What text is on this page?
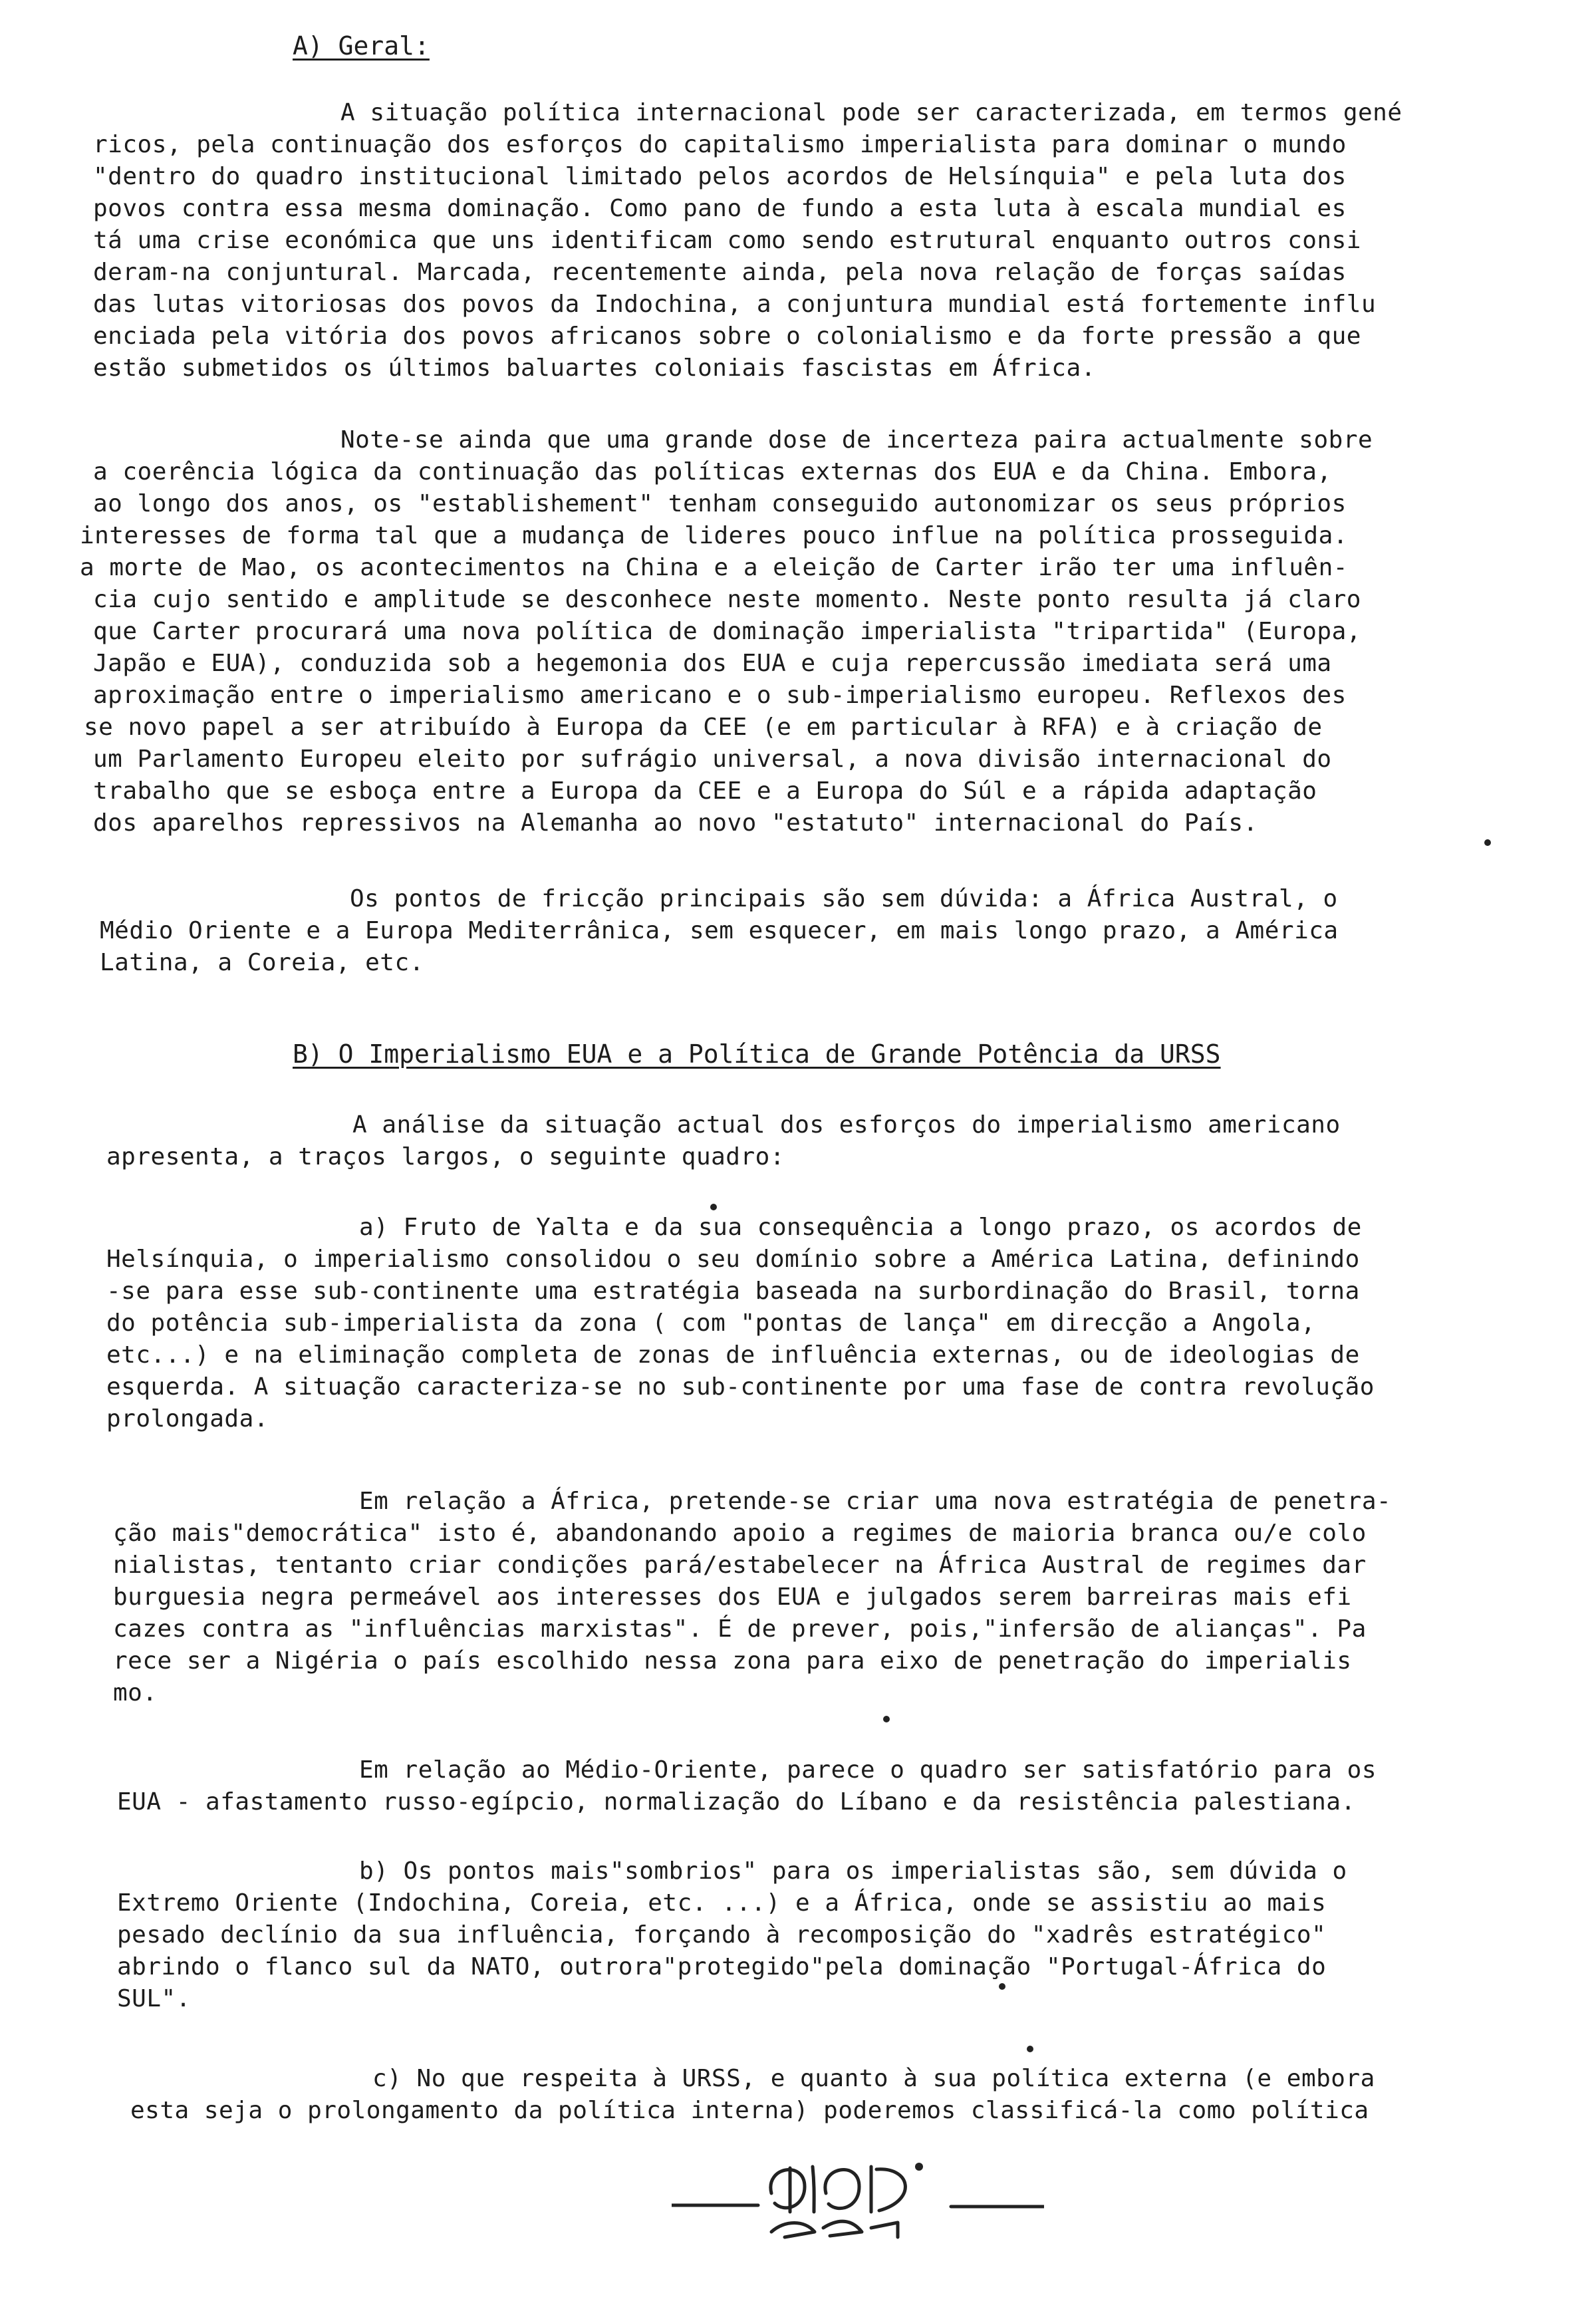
A) Geral:
A situação política internacional pode ser caracterizada, em termos gené
ricos, pela continuação dos esforços do capitalismo imperialista para dominar o mundo
"dentro do quadro institucional limitado pelos acordos de Helsínquia" e pela luta dos
povos contra essa mesma dominação. Como pano de fundo a esta luta à escala mundial es
tá uma crise económica que uns identificam como sendo estrutural enquanto outros consi
deram-na conjuntural. Marcada, recentemente ainda, pela nova relação de forças saídas
das lutas vitoriosas dos povos da Indochina, a conjuntura mundial está fortemente influ
enciada pela vitória dos povos africanos sobre o colonialismo e da forte pressão a que
estão submetidos os últimos baluartes coloniais fascistas em África.
Note-se ainda que uma grande dose de incerteza paira actualmente sobre
a coerência lógica da continuação das políticas externas dos EUA e da China. Embora,
ao longo dos anos, os "establishement" tenham conseguido autonomizar os seus próprios
interesses de forma tal que a mudança de lideres pouco influe na política prosseguida.
a morte de Mao, os acontecimentos na China e a eleição de Carter irão ter uma influên-
cia cujo sentido e amplitude se desconhece neste momento. Neste ponto resulta já claro
que Carter procurará uma nova política de dominação imperialista "tripartida" (Europa,
Japão e EUA), conduzida sob a hegemonia dos EUA e cuja repercussão imediata será uma
aproximação entre o imperialismo americano e o sub-imperialismo europeu. Reflexos des
se novo papel a ser atribuído à Europa da CEE (e em particular à RFA) e à criação de
um Parlamento Europeu eleito por sufrágio universal, a nova divisão internacional do
trabalho que se esboça entre a Europa da CEE e a Europa do Súl e a rápida adaptação
dos aparelhos repressivos na Alemanha ao novo "estatuto" internacional do País.
Os pontos de fricção principais são sem dúvida: a África Austral, o
Médio Oriente e a Europa Mediterrânica, sem esquecer, em mais longo prazo, a América
Latina, a Coreia, etc.
B) O Imperialismo EUA e a Política de Grande Potência da URSS
A análise da situação actual dos esforços do imperialismo americano
apresenta, a traços largos, o seguinte quadro:
a) Fruto de Yalta e da sua consequência a longo prazo, os acordos de
Helsínquia, o imperialismo consolidou o seu domínio sobre a América Latina, definindo
-se para esse sub-continente uma estratégia baseada na surbordinação do Brasil, torna
do potência sub-imperialista da zona ( com "pontas de lança" em direcção a Angola,
etc...) e na eliminação completa de zonas de influência externas, ou de ideologias de
esquerda. A situação caracteriza-se no sub-continente por uma fase de contra revolução
prolongada.
Em relação a África, pretende-se criar uma nova estratégia de penetra-
ção mais"democrática" isto é, abandonando apoio a regimes de maioria branca ou/e colo
nialistas, tentanto criar condições pará/estabelecer na África Austral de regimes dar
burguesia negra permeável aos interesses dos EUA e julgados serem barreiras mais efi
cazes contra as "influências marxistas". É de prever, pois,"infersão de alianças". Pa
rece ser a Nigéria o país escolhido nessa zona para eixo de penetração do imperialis
mo.
Em relação ao Médio-Oriente, parece o quadro ser satisfatório para os
EUA - afastamento russo-egípcio, normalização do Líbano e da resistência palestiana.
b) Os pontos mais"sombrios" para os imperialistas são, sem dúvida o
Extremo Oriente (Indochina, Coreia, etc. ...) e a África, onde se assistiu ao mais
pesado declínio da sua influência, forçando à recomposição do "xadrês estratégico"
abrindo o flanco sul da NATO, outrora"protegido"pela dominação "Portugal-África do
SUL".
c) No que respeita à URSS, e quanto à sua política externa (e embora
esta seja o prolongamento da política interna) poderemos classificá-la como política
